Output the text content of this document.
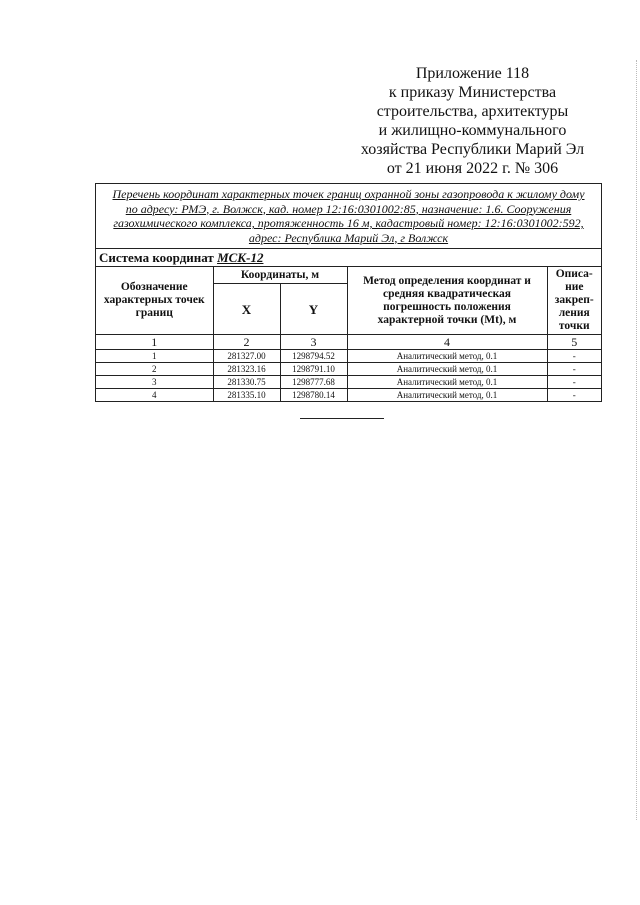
Приложение 118
к приказу Министерства
строительства, архитектуры
и жилищно-коммунального
хозяйства Республики Марий Эл
от 21 июня 2022 г. № 306
Перечень координат характерных точек границ охранной зоны газопровода к жилому дому
по адресу: РМЭ, г. Волжск, кад. номер 12:16:0301002:85, назначение: 1.6. Сооружения
газохимического комплекса, протяженность 16 м, кадастровый номер: 12:16:0301002:592,
адрес: Республика Марий Эл, г Волжск
Система координат МСК-12
Обозначение характерных точек границ	Координаты, м		Метод определения координат и средняя квадратическая погрешность положения характерной точки (Mt), м	Описа-ние закреп-ления точки
	X	Y		
1	2	3	4	5
1	281327.00	1298794.52	Аналитический метод, 0.1	-
2	281323.16	1298791.10	Аналитический метод, 0.1	-
3	281330.75	1298777.68	Аналитический метод, 0.1	-
4	281335.10	1298780.14	Аналитический метод, 0.1	-
